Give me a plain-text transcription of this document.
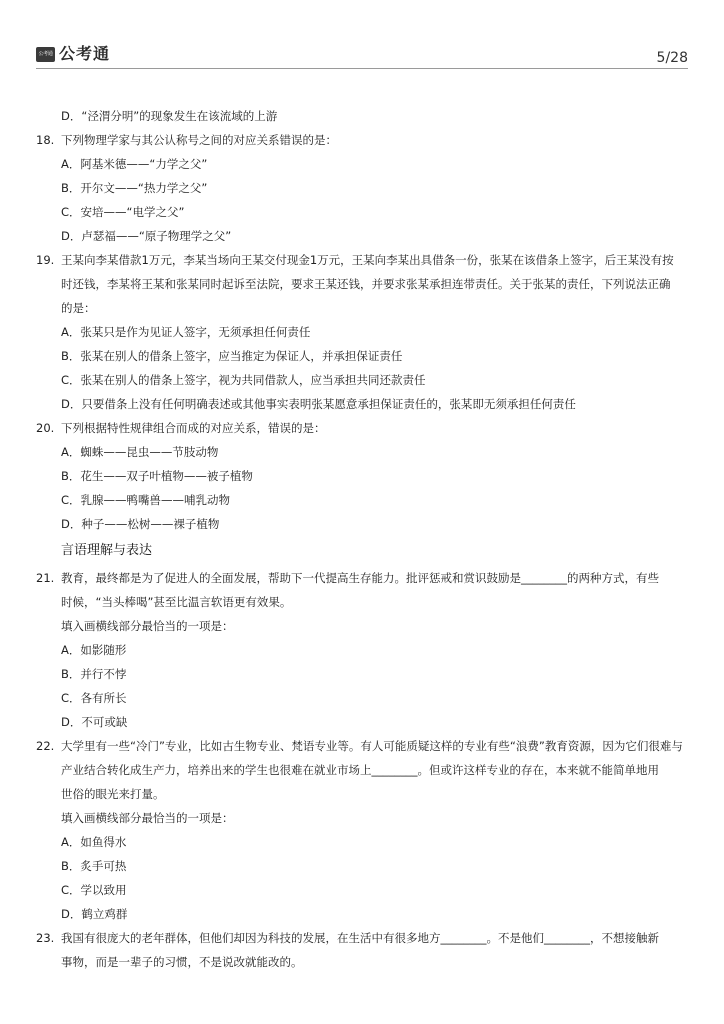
公考通 公考通	5/28
D．“泾渭分明”的现象发生在该流域的上游
18. 下列物理学家与其公认称号之间的对应关系错误的是：
A．阿基米德——“力学之父”
B．开尔文——“热力学之父”
C．安培——“电学之父”
D．卢瑟福——“原子物理学之父”
19. 王某向李某借款1万元，李某当场向王某交付现金1万元，王某向李某出具借条一份，张某在该借条上签字，后王某没有按
时还钱，李某将王某和张某同时起诉至法院，要求王某还钱，并要求张某承担连带责任。关于张某的责任，下列说法正确
的是：
A．张某只是作为见证人签字，无须承担任何责任
B．张某在别人的借条上签字，应当推定为保证人，并承担保证责任
C．张某在别人的借条上签字，视为共同借款人，应当承担共同还款责任
D．只要借条上没有任何明确表述或其他事实表明张某愿意承担保证责任的，张某即无须承担任何责任
20. 下列根据特性规律组合而成的对应关系，错误的是：
A．蜘蛛——昆虫——节肢动物
B．花生——双子叶植物——被子植物
C．乳腺——鸭嘴兽——哺乳动物
D．种子——松树——裸子植物
言语理解与表达
21. 教育，最终都是为了促进人的全面发展，帮助下一代提高生存能力。批评惩戒和赏识鼓励是________的两种方式，有些
时候，“当头棒喝”甚至比温言软语更有效果。
填入画横线部分最恰当的一项是：
A．如影随形
B．并行不悖
C．各有所长
D．不可或缺
22. 大学里有一些“冷门”专业，比如古生物专业、梵语专业等。有人可能质疑这样的专业有些“浪费”教育资源，因为它们很难与
产业结合转化成生产力，培养出来的学生也很难在就业市场上________。但或许这样专业的存在，本来就不能简单地用
世俗的眼光来打量。
填入画横线部分最恰当的一项是：
A．如鱼得水
B．炙手可热
C．学以致用
D．鹤立鸡群
23. 我国有很庞大的老年群体，但他们却因为科技的发展，在生活中有很多地方________。不是他们________，不想接触新
事物，而是一辈子的习惯，不是说改就能改的。
